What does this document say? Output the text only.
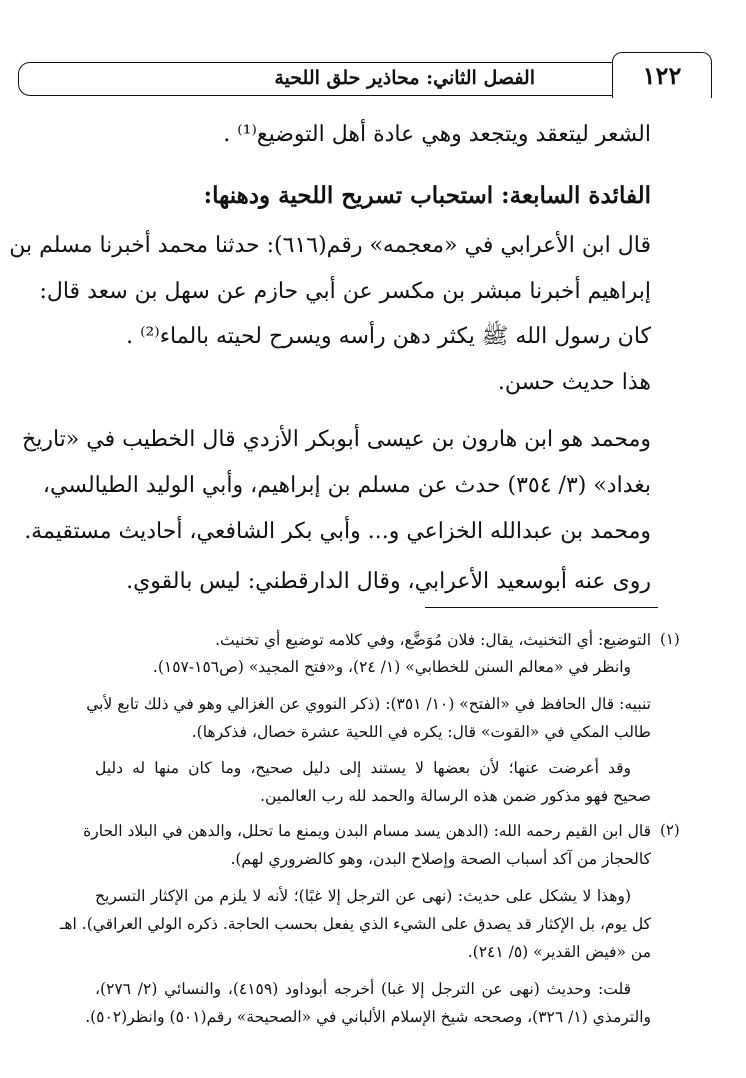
الفصل الثاني: محاذير حلق اللحية	١٢٢
الشعر ليتعقد ويتجعد وهي عادة أهل التوضيع⁽¹⁾ .
الفائدة السابعة: استحباب تسريح اللحية ودهنها:
قال ابن الأعرابي في «معجمه» رقم(٦١٦): حدثنا محمد أخبرنا مسلم بن
إبراهيم أخبرنا مبشر بن مكسر عن أبي حازم عن سهل بن سعد قال:
كان رسول الله ﷺ يكثر دهن رأسه ويسرح لحيته بالماء⁽²⁾ .
هذا حديث حسن.
ومحمد هو ابن هارون بن عيسى أبوبكر الأزدي قال الخطيب في «تاريخ
بغداد» (٣/ ٣٥٤) حدث عن مسلم بن إبراهيم، وأبي الوليد الطيالسي،
ومحمد بن عبدالله الخزاعي و... وأبي بكر الشافعي، أحاديث مستقيمة.
روى عنه أبوسعيد الأعرابي، وقال الدارقطني: ليس بالقوي.
(١)
التوضيع: أي التخنيث، يقال: فلان مُوَضَّع، وفي كلامه توضيع أي تخنيث.
وانظر في «معالم السنن للخطابي» (١/ ٢٤)، و«فتح المجيد» (ص١٥٦-١٥٧).
تنبيه: قال الحافظ في «الفتح» (١٠/ ٣٥١): (ذكر النووي عن الغزالي وهو في ذلك تابع لأبي
طالب المكي في «القوت» قال: يكره في اللحية عشرة خصال، فذكرها).
وقد أعرضت عنها؛ لأن بعضها لا يستند إلى دليل صحيح، وما كان منها له دليل
صحيح فهو مذكور ضمن هذه الرسالة والحمد لله رب العالمين.
(٢)
قال ابن القيم رحمه الله: (الدهن يسد مسام البدن ويمنع ما تحلل، والدهن في البلاد الحارة
كالحجاز من آكد أسباب الصحة وإصلاح البدن، وهو كالضروري لهم).
(وهذا لا يشكل على حديث: (نهى عن الترجل إلا غبًا)؛ لأنه لا يلزم من الإكثار التسريح
كل يوم، بل الإكثار قد يصدق على الشيء الذي يفعل بحسب الحاجة. ذكره الولي العراقي). اهـ
من «فيض القدير» (٥/ ٢٤١).
قلت: وحديث (نهى عن الترجل إلا غبا) أخرجه أبوداود (٤١٥٩)، والنسائي (٢/ ٢٧٦)،
والترمذي (١/ ٣٢٦)، وصححه شيخ الإسلام الألباني في «الصحيحة» رقم(٥٠١) وانظر(٥٠٢).
